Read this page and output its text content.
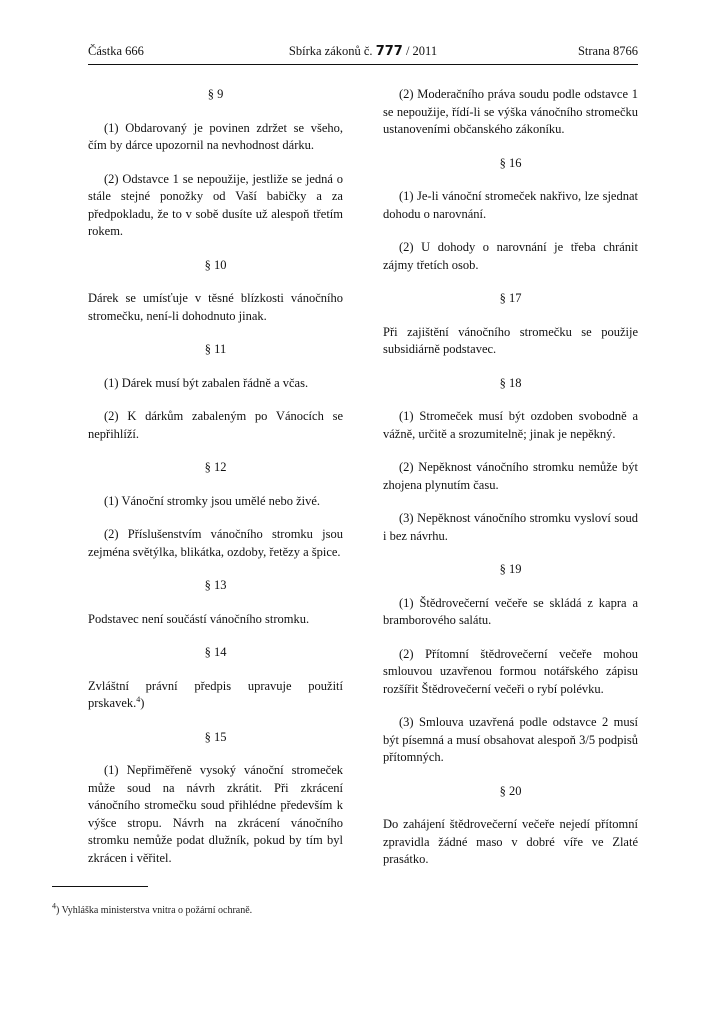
Částka 666	Sbírka zákonů č. 777 / 2011	Strana 8766

§ 9

(1) Obdarovaný je povinen zdržet se všeho, čím by dárce upozornil na nevhodnost dárku.

(2) Odstavce 1 se nepoužije, jestliže se jedná o stále stejné ponožky od Vaší babičky a za předpokladu, že to v sobě dusíte už alespoň třetím rokem.

§ 10

Dárek se umísťuje v těsné blízkosti vánočního stromečku, není-li dohodnuto jinak.

§ 11

(1) Dárek musí být zabalen řádně a včas.

(2) K dárkům zabaleným po Vánocích se nepřihlíží.

§ 12

(1) Vánoční stromky jsou umělé nebo živé.

(2) Příslušenstvím vánočního stromku jsou zejména světýlka, blikátka, ozdoby, řetězy a špice.

§ 13

Podstavec není součástí vánočního stromku.

§ 14

Zvláštní právní předpis upravuje použití prskavek.$^4$)

§ 15

(1) Nepřiměřeně vysoký vánoční stromeček může soud na návrh zkrátit. Při zkrácení vánočního stromečku soud přihlédne především k výšce stropu. Návrh na zkrácení vánočního stromku nemůže podat dlužník, pokud by tím byl zkrácen i věřitel.

(2) Moderačního práva soudu podle odstavce 1 se nepoužije, řídí-li se výška vánočního stromečku ustanoveními občanského zákoníku.

§ 16

(1) Je-li vánoční stromeček nakřivo, lze sjednat dohodu o narovnání.

(2) U dohody o narovnání je třeba chránit zájmy třetích osob.

§ 17

Při zajištění vánočního stromečku se použije subsidiárně podstavec.

§ 18

(1) Stromeček musí být ozdoben svobodně a vážně, určitě a srozumitelně; jinak je nepěkný.

(2) Nepěknost vánočního stromku nemůže být zhojena plynutím času.

(3) Nepěknost vánočního stromku vysloví soud i bez návrhu.

§ 19

(1) Štědrovečerní večeře se skládá z kapra a bramborového salátu.

(2) Přítomní štědrovečerní večeře mohou smlouvou uzavřenou formou notářského zápisu rozšířit Štědrovečerní večeři o rybí polévku.

(3) Smlouva uzavřená podle odstavce 2 musí být písemná a musí obsahovat alespoň 3/5 podpisů přítomných.

§ 20

Do zahájení štědrovečerní večeře nejedí přítomní zpravidla žádné maso v dobré víře ve Zlaté prasátko.

$^4$) Vyhláška ministerstva vnitra o požární ochraně.
